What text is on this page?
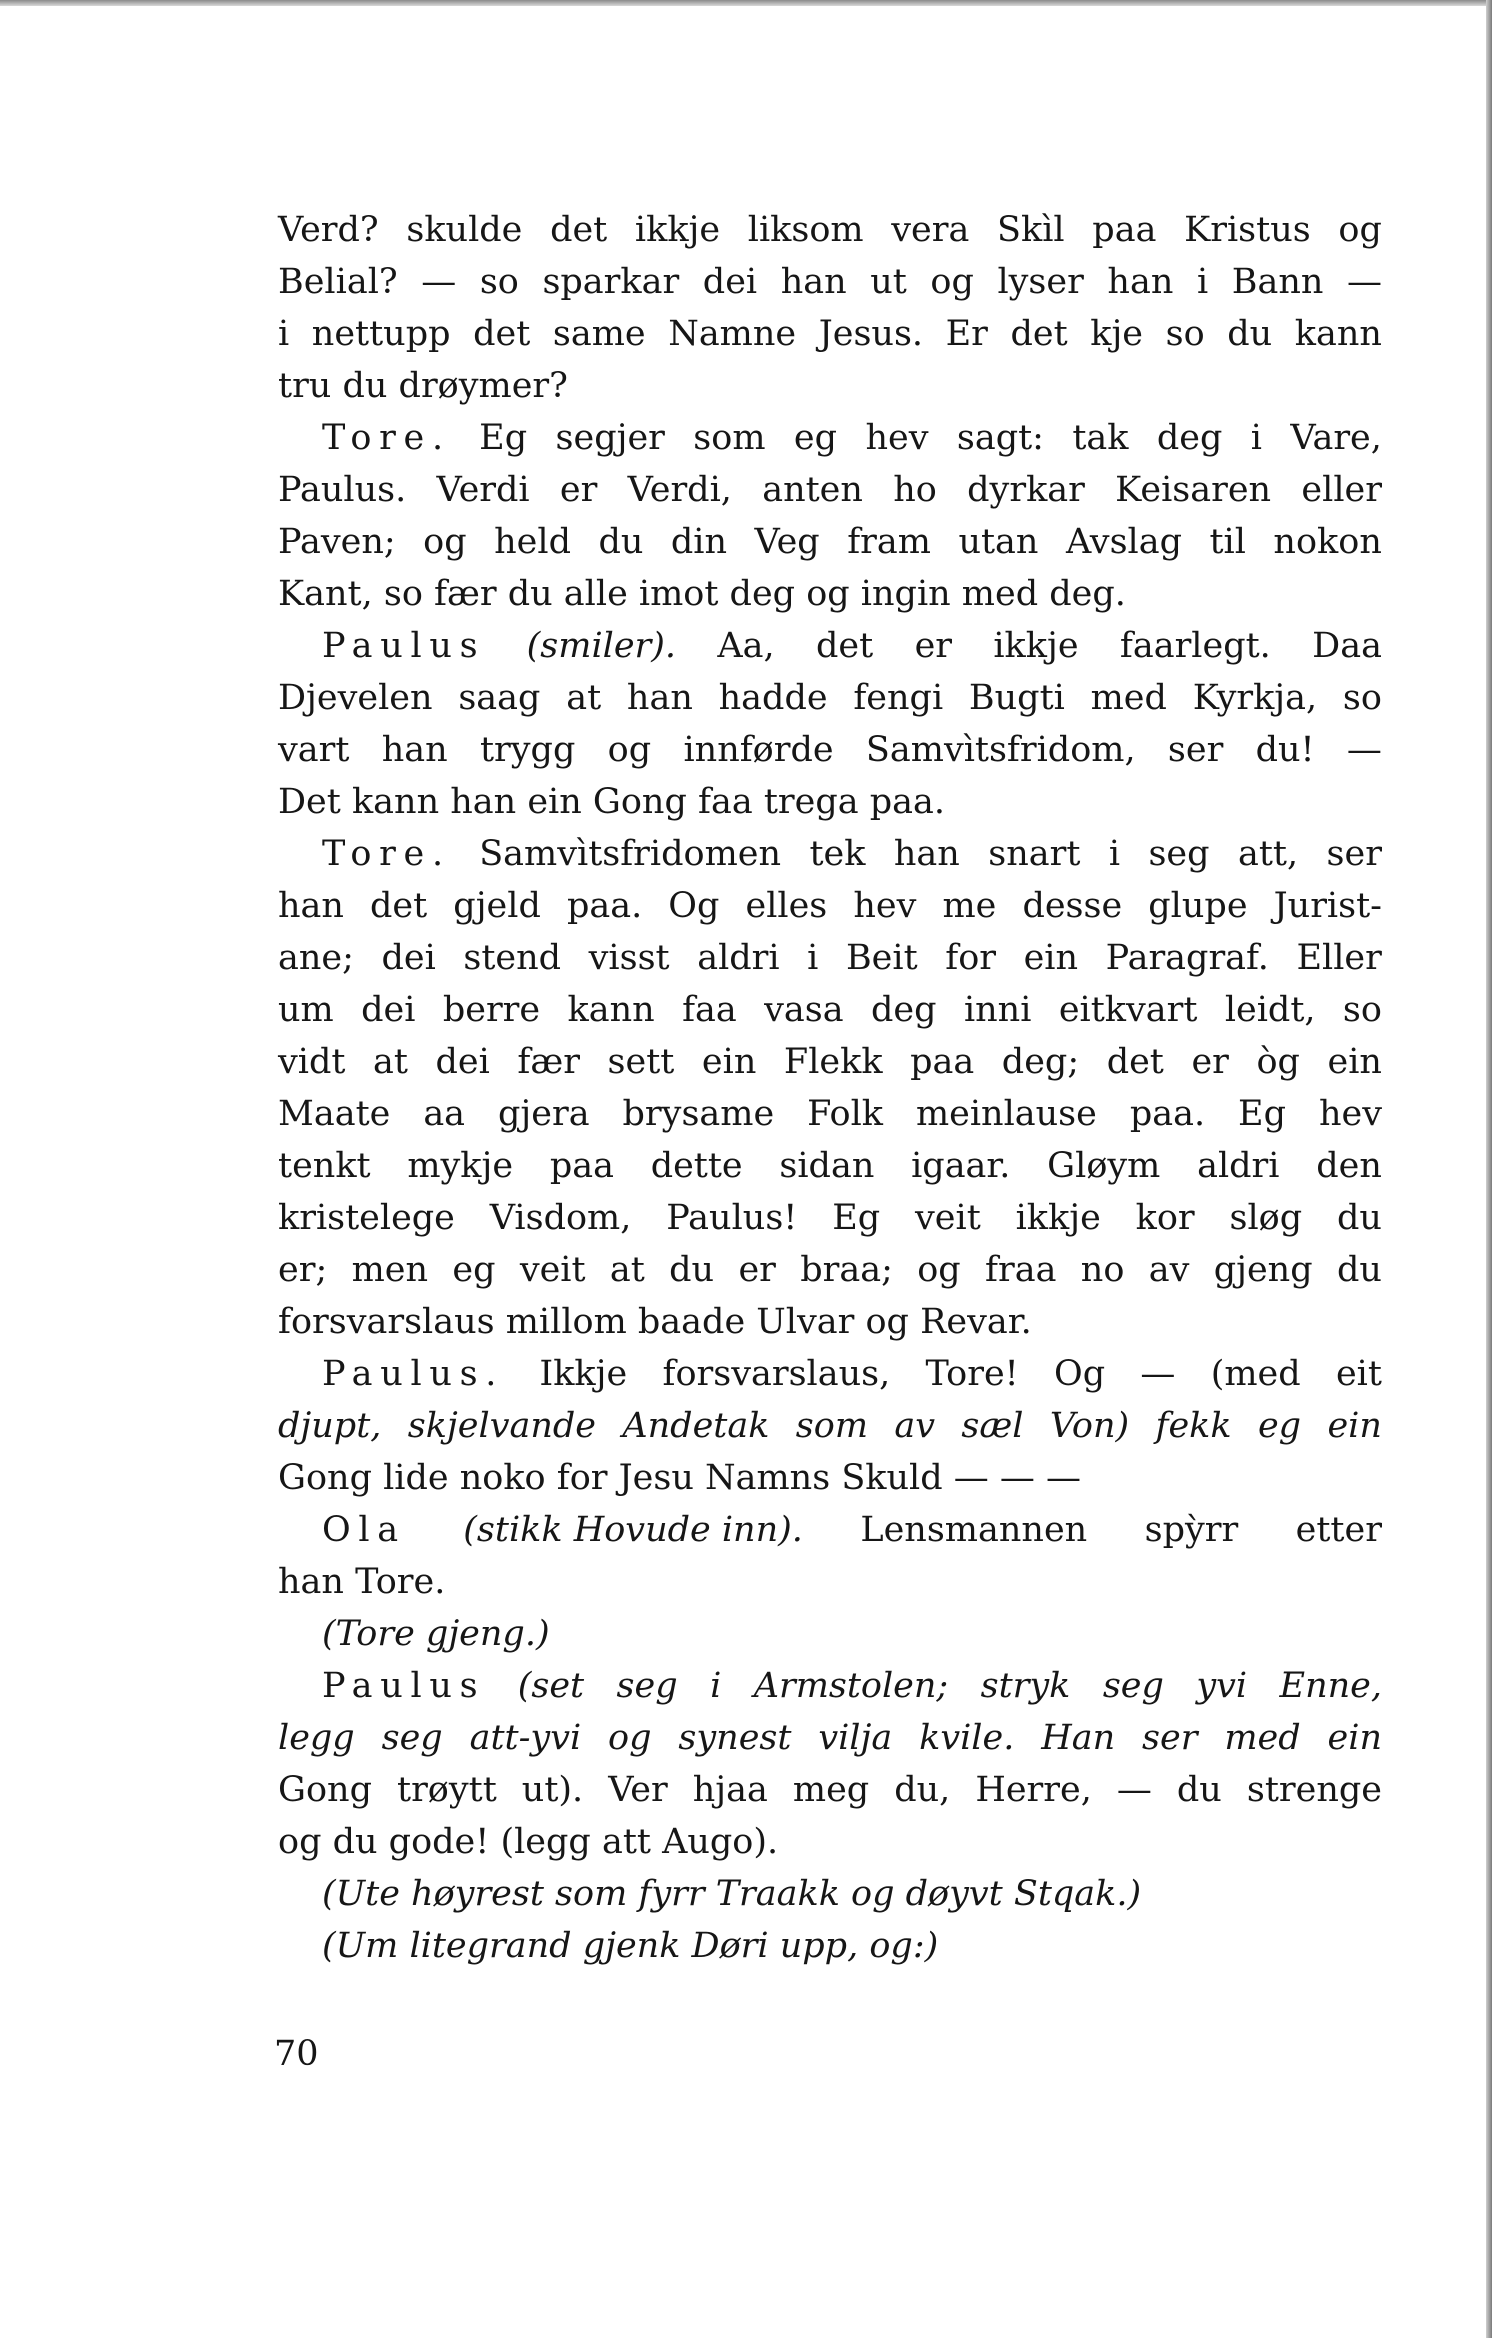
Verd? skulde det ikkje liksom vera Skìl paa Kristus og
Belial? — so sparkar dei han ut og lyser han i Bann —
i nettupp det same Namne Jesus. Er det kje so du kann
tru du drøymer?
Tore. Eg segjer som eg hev sagt: tak deg i Vare,
Paulus. Verdi er Verdi, anten ho dyrkar Keisaren eller
Paven; og held du din Veg fram utan Avslag til nokon
Kant, so fær du alle imot deg og ingin med deg.
Paulus (smiler). Aa, det er ikkje faarlegt. Daa
Djevelen saag at han hadde fengi Bugti med Kyrkja, so
vart han trygg og innførde Samvìtsfridom, ser du! —
Det kann han ein Gong faa trega paa.
Tore. Samvìtsfridomen tek han snart i seg att, ser
han det gjeld paa. Og elles hev me desse glupe Jurist-
ane; dei stend visst aldri i Beit for ein Paragraf. Eller
um dei berre kann faa vasa deg inni eitkvart leidt, so
vidt at dei fær sett ein Flekk paa deg; det er òg ein
Maate aa gjera brysame Folk meinlause paa. Eg hev
tenkt mykje paa dette sidan igaar. Gløym aldri den
kristelege Visdom, Paulus! Eg veit ikkje kor sløg du
er; men eg veit at du er braa; og fraa no av gjeng du
forsvarslaus millom baade Ulvar og Revar.
Paulus. Ikkje forsvarslaus, Tore! Og — (med eit
djupt, skjelvande Andetak som av sæl Von) fekk eg ein
Gong lide noko for Jesu Namns Skuld — — —
Ola (stikk Hovude inn). Lensmannen spỳrr etter
han Tore.
(Tore gjeng.)
Paulus (set seg i Armstolen; stryk seg yvi Enne,
legg seg att-yvi og synest vilja kvile. Han ser med ein
Gong trøytt ut). Ver hjaa meg du, Herre, — du strenge
og du gode! (legg att Augo).
(Ute høyrest som fyrr Traakk og døyvt Stqak.)
(Um litegrand gjenk Døri upp, og:)
70
